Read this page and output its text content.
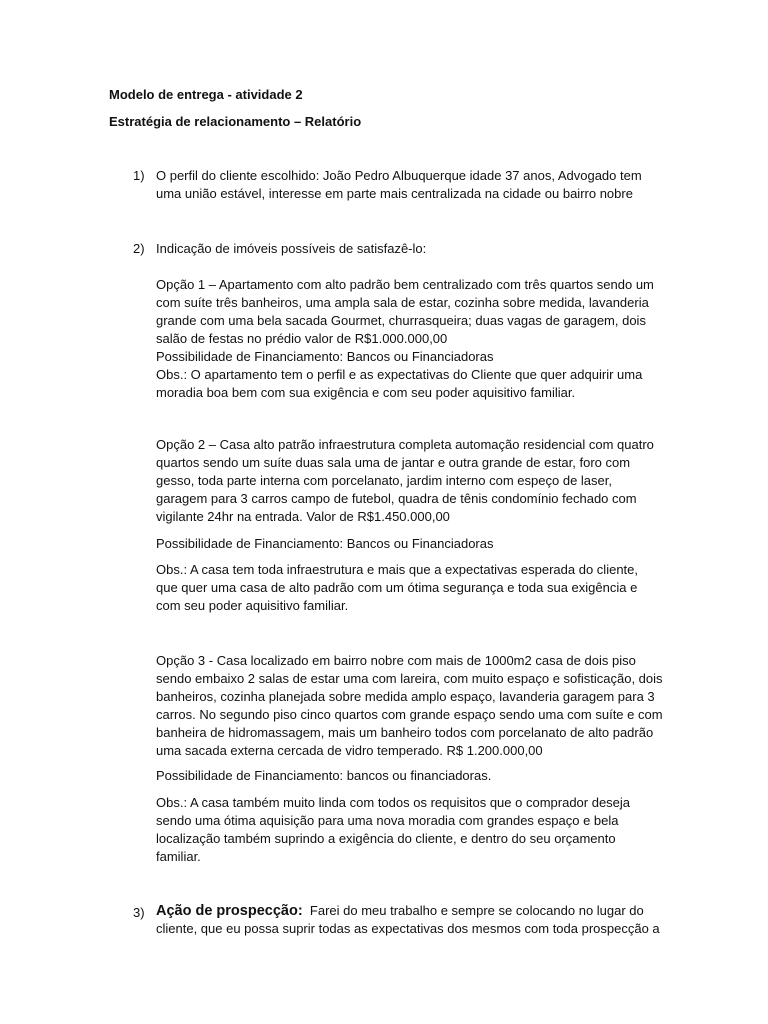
Modelo de entrega - atividade 2
Estratégia de relacionamento – Relatório
1) O perfil do cliente escolhido: João Pedro Albuquerque idade 37 anos, Advogado tem
uma união estável, interesse em parte mais centralizada na cidade ou bairro nobre
2) Indicação de imóveis possíveis de satisfazê-lo:
Opção 1 – Apartamento com alto padrão bem centralizado com três quartos sendo um
com suíte três banheiros, uma ampla sala de estar, cozinha sobre medida, lavanderia
grande com uma bela sacada Gourmet, churrasqueira; duas vagas de garagem, dois
salão de festas no prédio valor de R$1.000.000,00
Possibilidade de Financiamento: Bancos ou Financiadoras
Obs.: O apartamento tem o perfil e as expectativas do Cliente que quer adquirir uma
moradia boa bem com sua exigência e com seu poder aquisitivo familiar.
Opção 2 – Casa alto patrão infraestrutura completa automação residencial com quatro
quartos sendo um suíte duas sala uma de jantar e outra grande de estar, foro com
gesso, toda parte interna com porcelanato, jardim interno com espeço de laser,
garagem para 3 carros campo de futebol, quadra de tênis condomínio fechado com
vigilante 24hr na entrada. Valor de R$1.450.000,00
Possibilidade de Financiamento: Bancos ou Financiadoras
Obs.: A casa tem toda infraestrutura e mais que a expectativas esperada do cliente,
que quer uma casa de alto padrão com um ótima segurança e toda sua exigência e
com seu poder aquisitivo familiar.
Opção 3 - Casa localizado em bairro nobre com mais de 1000m2 casa de dois piso
sendo embaixo 2 salas de estar uma com lareira, com muito espaço e sofisticação, dois
banheiros, cozinha planejada sobre medida amplo espaço, lavanderia garagem para 3
carros. No segundo piso cinco quartos com grande espaço sendo uma com suíte e com
banheira de hidromassagem, mais um banheiro todos com porcelanato de alto padrão
uma sacada externa cercada de vidro temperado. R$ 1.200.000,00
Possibilidade de Financiamento: bancos ou financiadoras.
Obs.: A casa também muito linda com todos os requisitos que o comprador deseja
sendo uma ótima aquisição para uma nova moradia com grandes espaço e bela
localização também suprindo a exigência do cliente, e dentro do seu orçamento
familiar.
3) Ação de prospecção:  Farei do meu trabalho e sempre se colocando no lugar do
cliente, que eu possa suprir todas as expectativas dos mesmos com toda prospecção a
